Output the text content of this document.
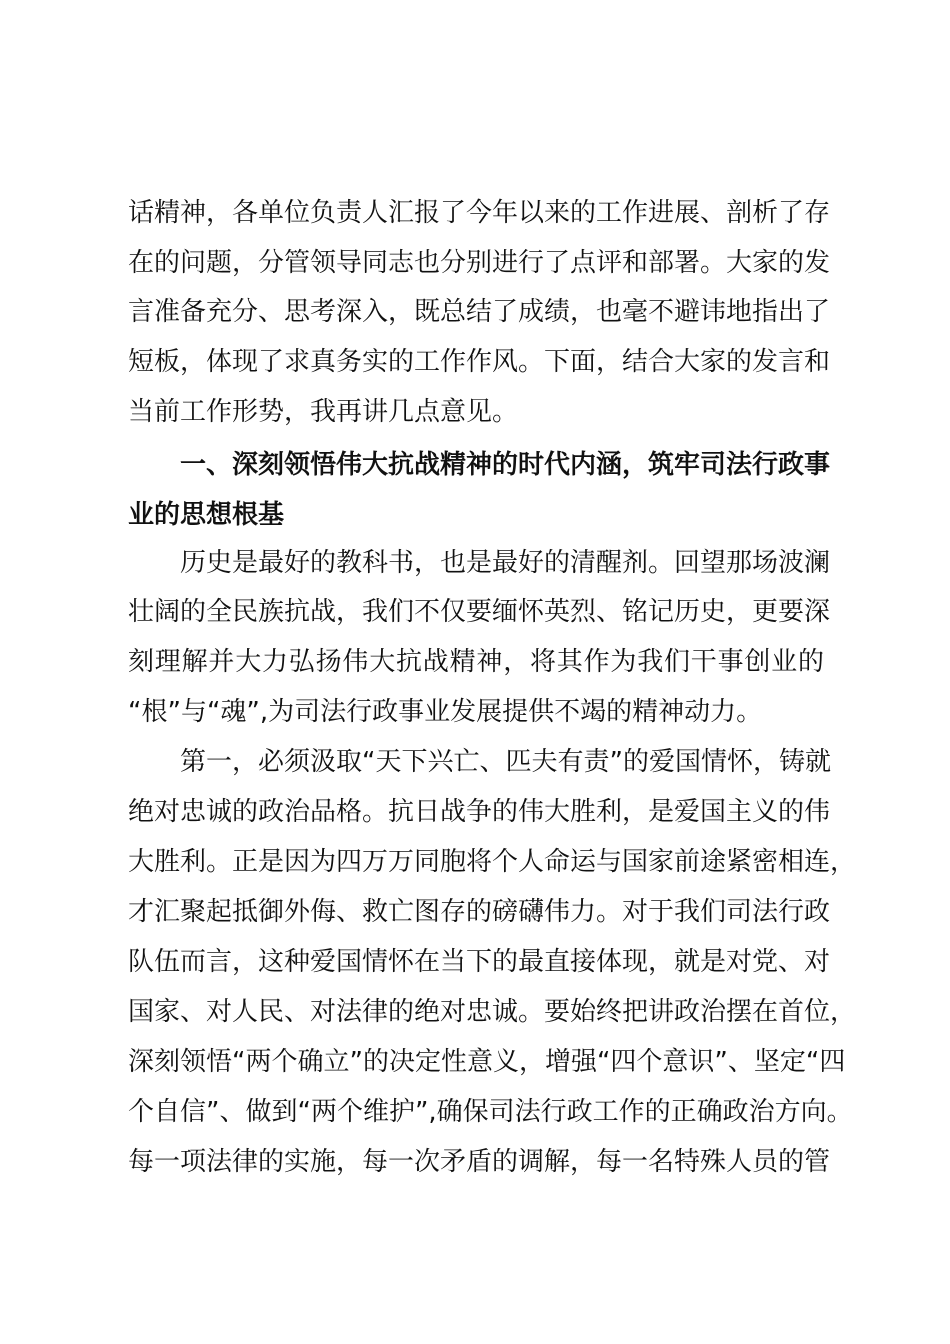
话精神，各单位负责人汇报了今年以来的工作进展、剖析了存
在的问题，分管领导同志也分别进行了点评和部署。大家的发
言准备充分、思考深入，既总结了成绩，也毫不避讳地指出了
短板，体现了求真务实的工作作风。下面，结合大家的发言和
当前工作形势，我再讲几点意见。
一、深刻领悟伟大抗战精神的时代内涵，筑牢司法行政事
业的思想根基
历史是最好的教科书，也是最好的清醒剂。回望那场波澜
壮阔的全民族抗战，我们不仅要缅怀英烈、铭记历史，更要深
刻理解并大力弘扬伟大抗战精神，将其作为我们干事创业的
“根”与“魂”,为司法行政事业发展提供不竭的精神动力。
第一，必须汲取“天下兴亡、匹夫有责”的爱国情怀，铸就
绝对忠诚的政治品格。抗日战争的伟大胜利，是爱国主义的伟
大胜利。正是因为四万万同胞将个人命运与国家前途紧密相连，
才汇聚起抵御外侮、救亡图存的磅礴伟力。对于我们司法行政
队伍而言，这种爱国情怀在当下的最直接体现，就是对党、对
国家、对人民、对法律的绝对忠诚。要始终把讲政治摆在首位，
深刻领悟“两个确立”的决定性意义，增强“四个意识”、坚定“四
个自信”、做到“两个维护”,确保司法行政工作的正确政治方向。
每一项法律的实施，每一次矛盾的调解，每一名特殊人员的管
